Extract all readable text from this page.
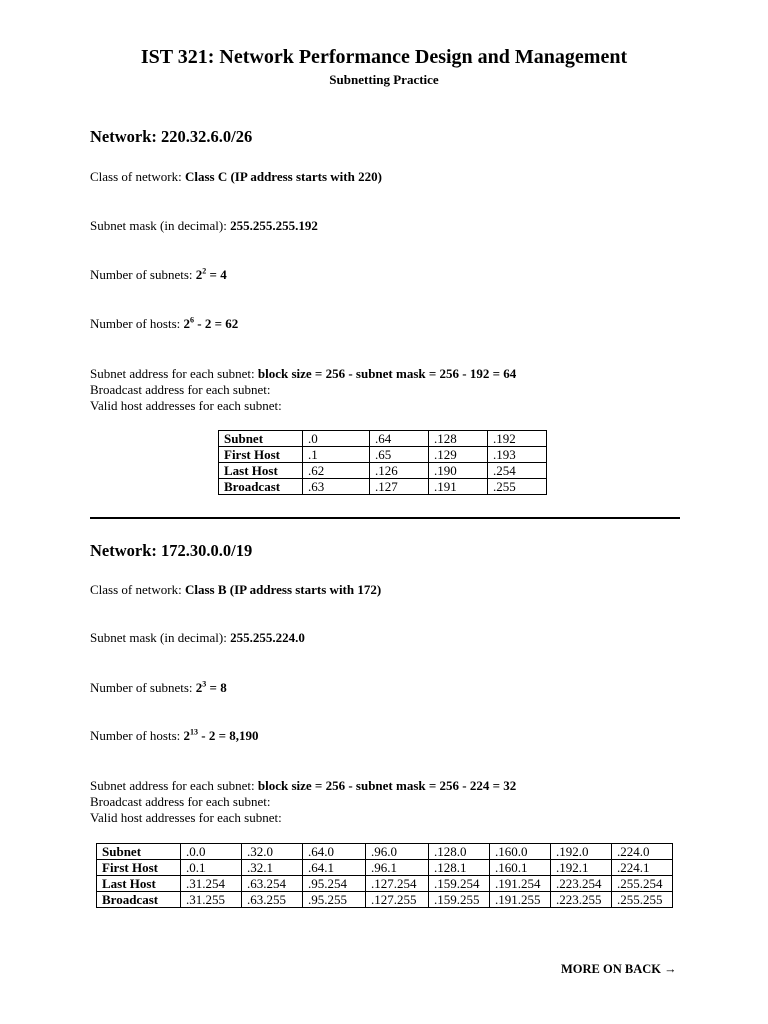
IST 321: Network Performance Design and Management
Subnetting Practice
Network: 220.32.6.0/26
Class of network: Class C (IP address starts with 220)
Subnet mask (in decimal): 255.255.255.192
Number of subnets: $2^2 = 4$
Number of hosts: $2^6 - 2 = 62$
Subnet address for each subnet: block size = 256 - subnet mask = 256 - 192 = 64
Broadcast address for each subnet:
Valid host addresses for each subnet:
Subnet	.0	.64	.128	.192
First Host	.1	.65	.129	.193
Last Host	.62	.126	.190	.254
Broadcast	.63	.127	.191	.255
Network: 172.30.0.0/19
Class of network: Class B (IP address starts with 172)
Subnet mask (in decimal): 255.255.224.0
Number of subnets: $2^3 = 8$
Number of hosts: $2^{13} - 2 = 8,190$
Subnet address for each subnet: block size = 256 - subnet mask = 256 - 224 = 32
Broadcast address for each subnet:
Valid host addresses for each subnet:
Subnet	.0.0	.32.0	.64.0	.96.0	.128.0	.160.0	.192.0	.224.0
First Host	.0.1	.32.1	.64.1	.96.1	.128.1	.160.1	.192.1	.224.1
Last Host	.31.254	.63.254	.95.254	.127.254	.159.254	.191.254	.223.254	.255.254
Broadcast	.31.255	.63.255	.95.255	.127.255	.159.255	.191.255	.223.255	.255.255
MORE ON BACK →
